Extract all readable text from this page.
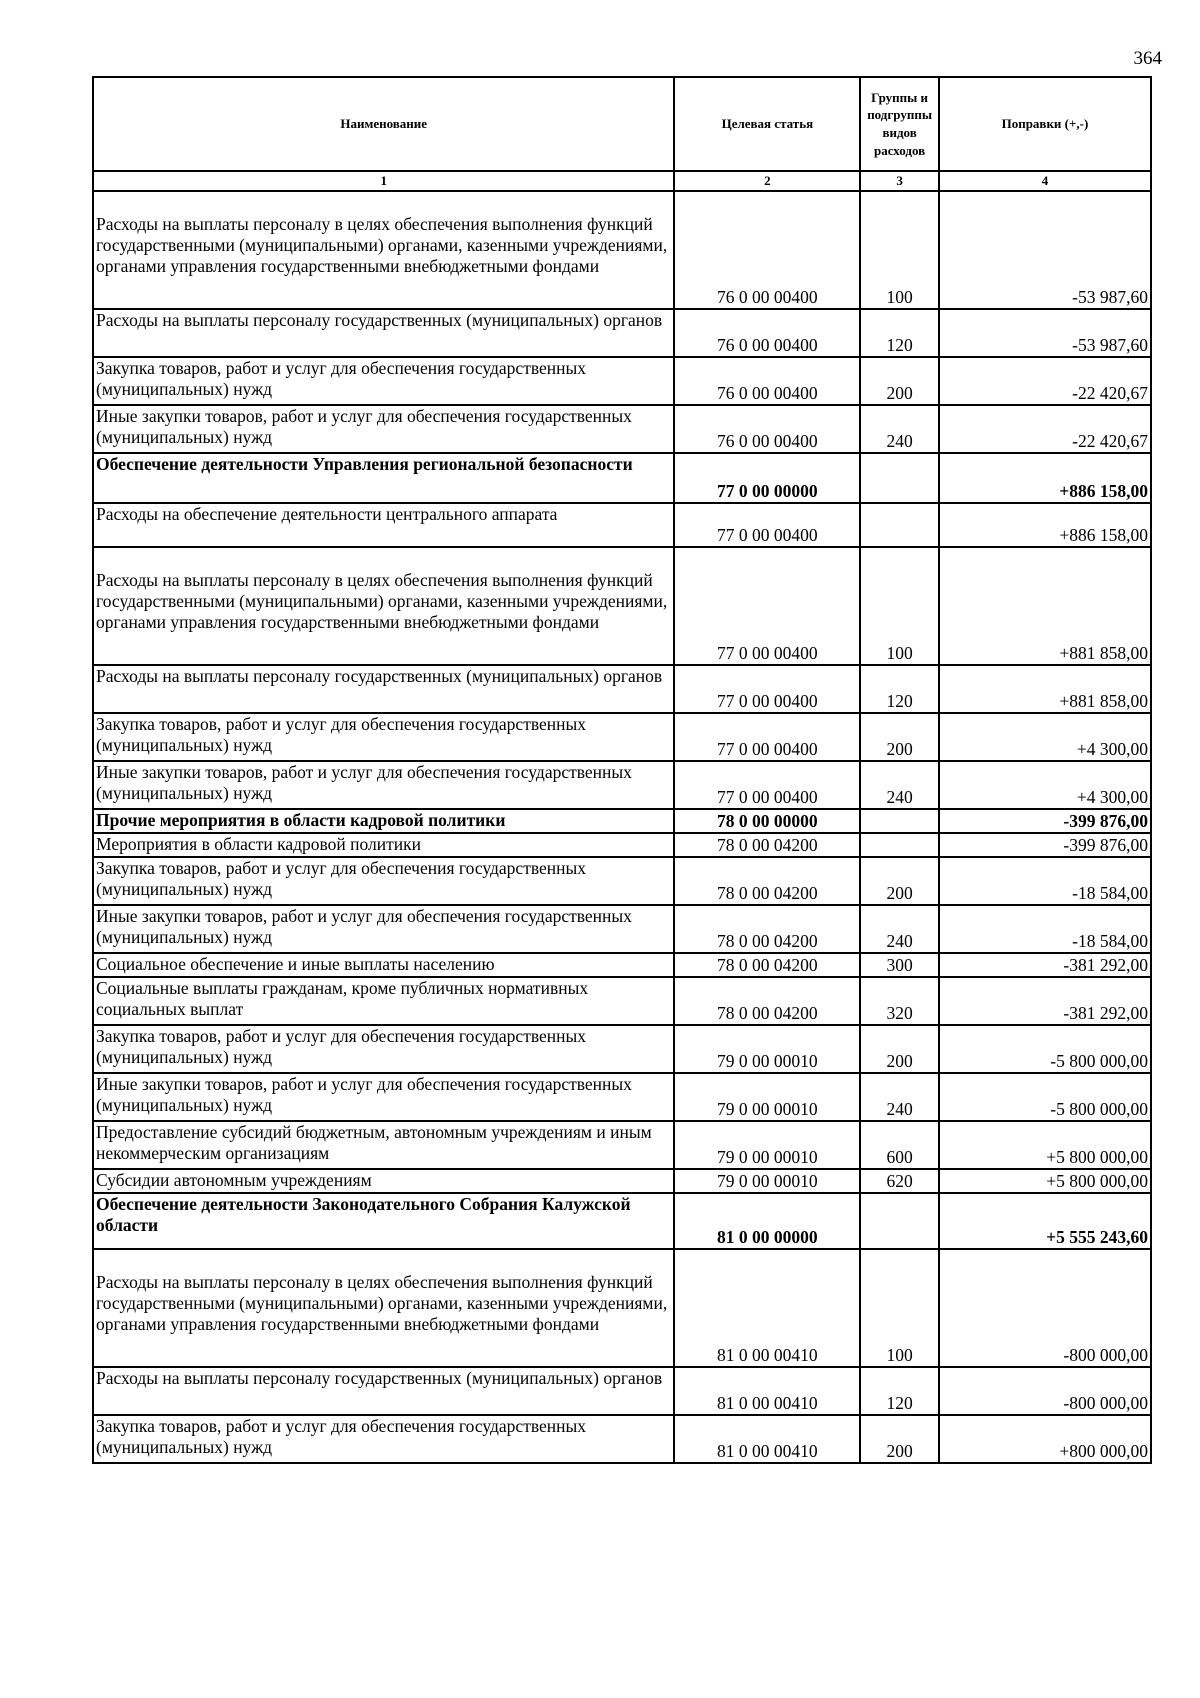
364
Наименование	Целевая статья	Группы и подгруппы видов расходов	Поправки (+,-)
1	2	3	4
Расходы на выплаты персоналу в целях обеспечения выполнения функций государственными (муниципальными) органами, казенными учреждениями, органами управления государственными внебюджетными фондами	76 0 00 00400	100	-53 987,60
Расходы на выплаты персоналу государственных (муниципальных) органов	76 0 00 00400	120	-53 987,60
Закупка товаров, работ и услуг для обеспечения государственных (муниципальных) нужд	76 0 00 00400	200	-22 420,67
Иные закупки товаров, работ и услуг для обеспечения государственных (муниципальных) нужд	76 0 00 00400	240	-22 420,67
Обеспечение деятельности Управления региональной безопасности	77 0 00 00000		+886 158,00
Расходы на обеспечение деятельности центрального аппарата	77 0 00 00400		+886 158,00
Расходы на выплаты персоналу в целях обеспечения выполнения функций государственными (муниципальными) органами, казенными учреждениями, органами управления государственными внебюджетными фондами	77 0 00 00400	100	+881 858,00
Расходы на выплаты персоналу государственных (муниципальных) органов	77 0 00 00400	120	+881 858,00
Закупка товаров, работ и услуг для обеспечения государственных (муниципальных) нужд	77 0 00 00400	200	+4 300,00
Иные закупки товаров, работ и услуг для обеспечения государственных (муниципальных) нужд	77 0 00 00400	240	+4 300,00
Прочие мероприятия в области кадровой политики	78 0 00 00000		-399 876,00
Мероприятия в области кадровой политики	78 0 00 04200		-399 876,00
Закупка товаров, работ и услуг для обеспечения государственных (муниципальных) нужд	78 0 00 04200	200	-18 584,00
Иные закупки товаров, работ и услуг для обеспечения государственных (муниципальных) нужд	78 0 00 04200	240	-18 584,00
Социальное обеспечение и иные выплаты населению	78 0 00 04200	300	-381 292,00
Социальные выплаты гражданам, кроме публичных нормативных социальных выплат	78 0 00 04200	320	-381 292,00
Закупка товаров, работ и услуг для обеспечения государственных (муниципальных) нужд	79 0 00 00010	200	-5 800 000,00
Иные закупки товаров, работ и услуг для обеспечения государственных (муниципальных) нужд	79 0 00 00010	240	-5 800 000,00
Предоставление субсидий бюджетным, автономным учреждениям и иным некоммерческим организациям	79 0 00 00010	600	+5 800 000,00
Субсидии автономным учреждениям	79 0 00 00010	620	+5 800 000,00
Обеспечение деятельности Законодательного Собрания Калужской области	81 0 00 00000		+5 555 243,60
Расходы на выплаты персоналу в целях обеспечения выполнения функций государственными (муниципальными) органами, казенными учреждениями, органами управления государственными внебюджетными фондами	81 0 00 00410	100	-800 000,00
Расходы на выплаты персоналу государственных (муниципальных) органов	81 0 00 00410	120	-800 000,00
Закупка товаров, работ и услуг для обеспечения государственных (муниципальных) нужд	81 0 00 00410	200	+800 000,00
